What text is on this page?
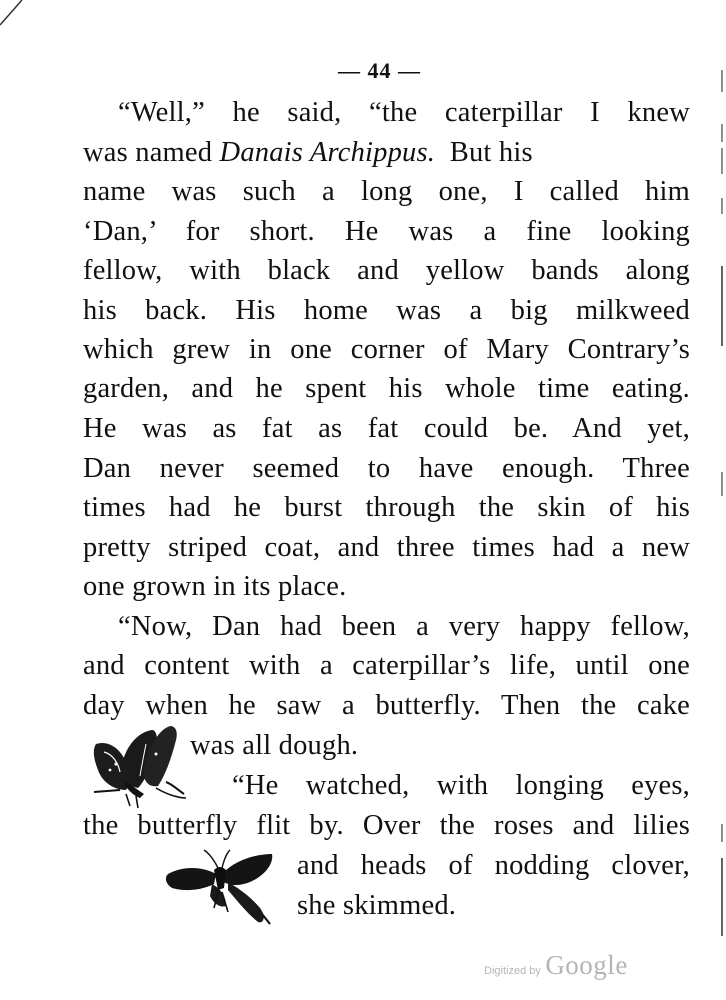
— 44 —
“Well,” he said, “the caterpillar I knew
was named Danais Archippus.  But his
name was such a long one, I called him
‘Dan,’ for short. He was a fine looking
fellow, with black and yellow bands along
his back. His home was a big milkweed
which grew in one corner of Mary Contrary’s
garden, and he spent his whole time eating.
He was as fat as fat could be. And yet,
Dan never seemed to have enough. Three
times had he burst through the skin of his
pretty striped coat, and three times had a new
one grown in its place.
“Now, Dan had been a very happy fellow,
and content with a caterpillar’s life, until one
day when he saw a butterfly. Then the cake
was all dough.
“He watched, with longing eyes,
the butterfly flit by. Over the roses and lilies
and heads of nodding clover,
she skimmed.
Digitized by Google
